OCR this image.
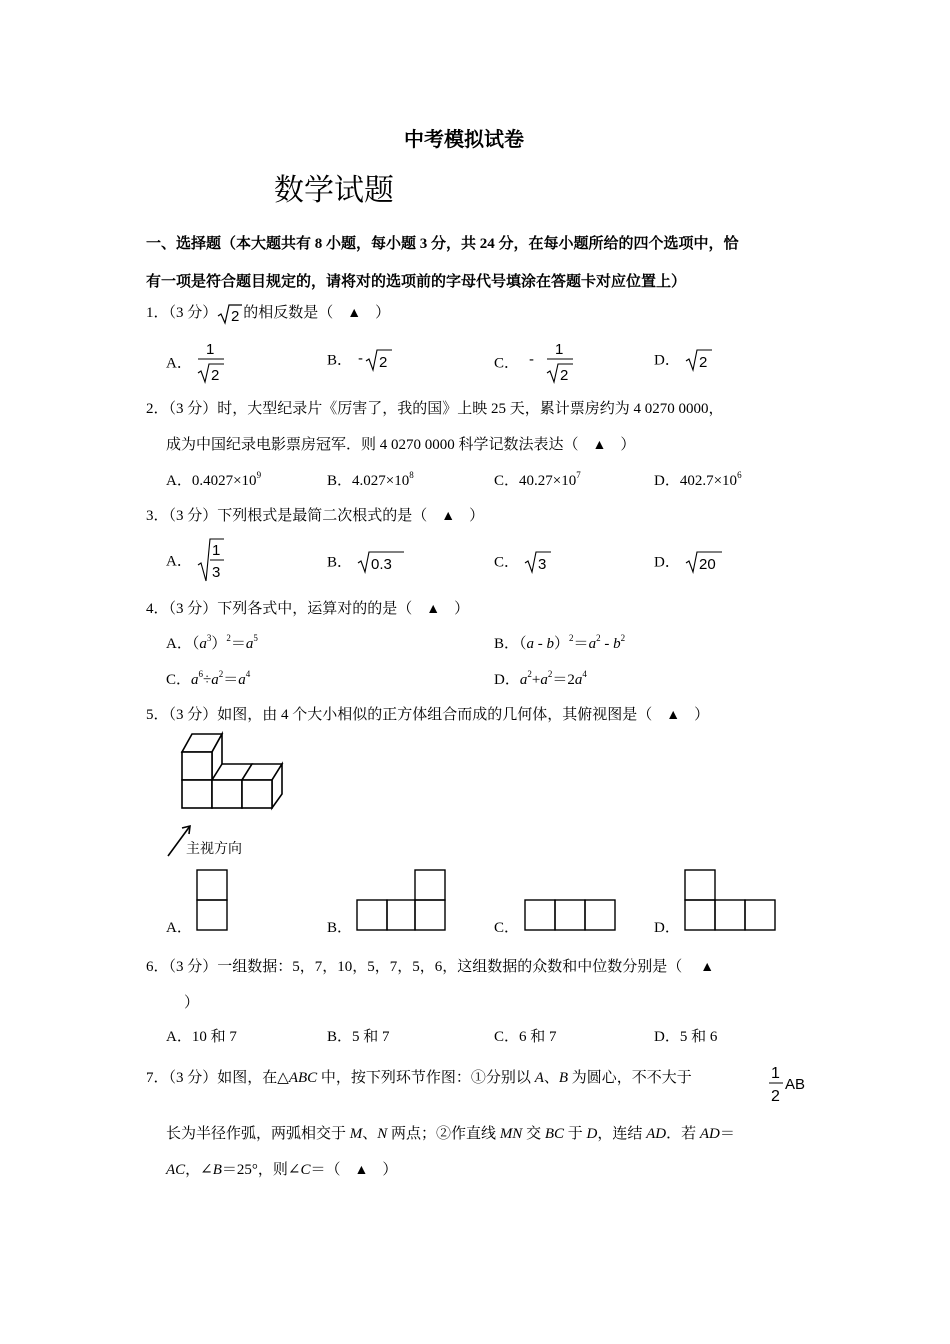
中考模拟试卷
数学试题
一、选择题（本大题共有 8 小题，每小题 3 分，共 24 分，在每小题所给的四个选项中，恰
有一项是符合题目规定的，请将对的选项前的字母代号填涂在答题卡对应位置上）
1．（3 分） 2 的相反数是（ ▲ ）
A．
1
2
B． - 2	C． -
1
2
D． 2
2．（3 分）时，大型纪录片《厉害了，我的国》上映 25 天，累计票房约为 4 0270 0000，
成为中国纪录电影票房冠军．则 4 0270 0000 科学记数法表达（ ▲ ）
A．$0.4027\times 10^9$	B．$4.027\times 10^8$	C．$40.27\times 10^7$	D．$402.7\times 10^6$
3．（3 分）下列根式是最简二次根式的是（ ▲ ）
A．
1
3
B． 0.3	C． 3	D． 20
4．（3 分）下列各式中，运算对的的是（ ▲ ）
A．$(a^3)^2=a^5$	B．$(a - b)^2=a^2 - b^2$
C．$a^6\div a^2=a^4$	D．$a^2+a^2=2a^4$
5．（3 分）如图，由 4 个大小相似的正方体组合而成的几何体，其俯视图是（ ▲ ）
主视方向
A．	B．	C．	D．
6．（3 分）一组数据：5，7，10，5，7，5，6，这组数据的众数和中位数分别是（ ▲
）
A．10 和 7	B．5 和 7	C．6 和 7	D．5 和 6
7．（3 分）如图，在△ABC 中，按下列环节作图：①分别以 A、B 为圆心，不不大于	1
2
AB
长为半径作弧，两弧相交于 M、N 两点；②作直线 MN 交 BC 于 D，连结 AD．若 AD＝
AC，∠B＝25°，则∠C＝（ ▲ ）
